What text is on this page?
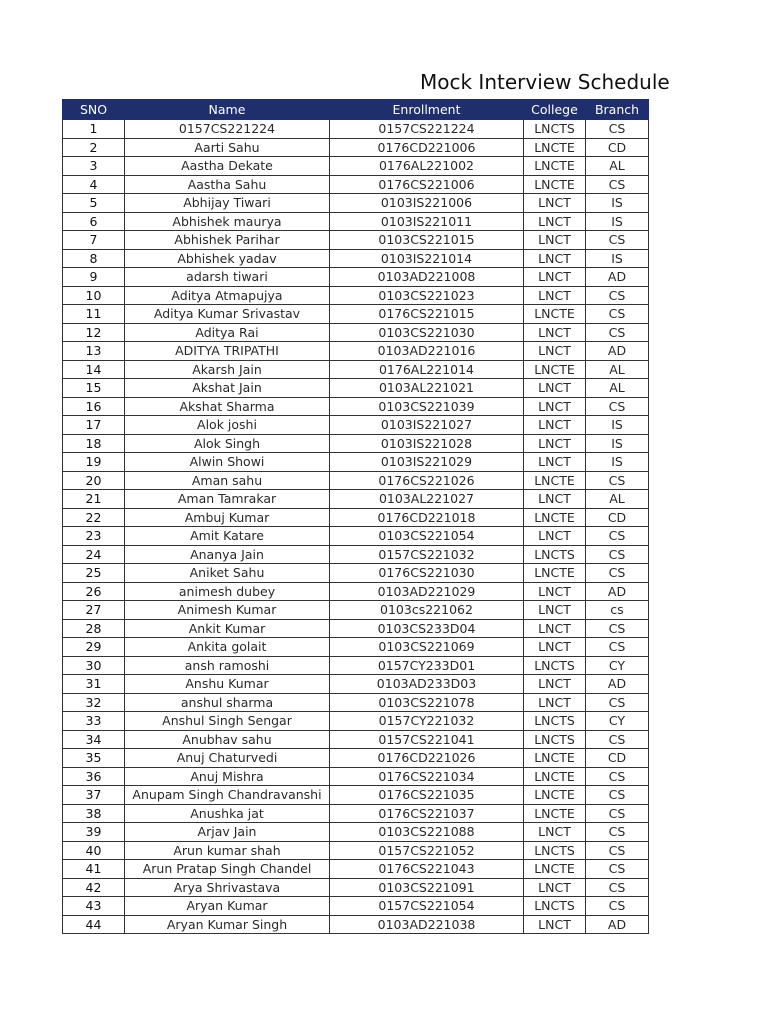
Mock Interview Schedule
SNO	Name	Enrollment	College	Branch
1	0157CS221224	0157CS221224	LNCTS	CS
2	Aarti Sahu	0176CD221006	LNCTE	CD
3	Aastha Dekate	0176AL221002	LNCTE	AL
4	Aastha Sahu	0176CS221006	LNCTE	CS
5	Abhijay Tiwari	0103IS221006	LNCT	IS
6	Abhishek maurya	0103IS221011	LNCT	IS
7	Abhishek Parihar	0103CS221015	LNCT	CS
8	Abhishek yadav	0103IS221014	LNCT	IS
9	adarsh tiwari	0103AD221008	LNCT	AD
10	Aditya Atmapujya	0103CS221023	LNCT	CS
11	Aditya Kumar Srivastav	0176CS221015	LNCTE	CS
12	Aditya Rai	0103CS221030	LNCT	CS
13	ADITYA TRIPATHI	0103AD221016	LNCT	AD
14	Akarsh Jain	0176AL221014	LNCTE	AL
15	Akshat Jain	0103AL221021	LNCT	AL
16	Akshat Sharma	0103CS221039	LNCT	CS
17	Alok joshi	0103IS221027	LNCT	IS
18	Alok Singh	0103IS221028	LNCT	IS
19	Alwin Showi	0103IS221029	LNCT	IS
20	Aman sahu	0176CS221026	LNCTE	CS
21	Aman Tamrakar	0103AL221027	LNCT	AL
22	Ambuj Kumar	0176CD221018	LNCTE	CD
23	Amit Katare	0103CS221054	LNCT	CS
24	Ananya Jain	0157CS221032	LNCTS	CS
25	Aniket Sahu	0176CS221030	LNCTE	CS
26	animesh dubey	0103AD221029	LNCT	AD
27	Animesh Kumar	0103cs221062	LNCT	cs
28	Ankit Kumar	0103CS233D04	LNCT	CS
29	Ankita golait	0103CS221069	LNCT	CS
30	ansh ramoshi	0157CY233D01	LNCTS	CY
31	Anshu Kumar	0103AD233D03	LNCT	AD
32	anshul sharma	0103CS221078	LNCT	CS
33	Anshul Singh Sengar	0157CY221032	LNCTS	CY
34	Anubhav sahu	0157CS221041	LNCTS	CS
35	Anuj Chaturvedi	0176CD221026	LNCTE	CD
36	Anuj Mishra	0176CS221034	LNCTE	CS
37	Anupam Singh Chandravanshi	0176CS221035	LNCTE	CS
38	Anushka jat	0176CS221037	LNCTE	CS
39	Arjav Jain	0103CS221088	LNCT	CS
40	Arun kumar shah	0157CS221052	LNCTS	CS
41	Arun Pratap Singh Chandel	0176CS221043	LNCTE	CS
42	Arya Shrivastava	0103CS221091	LNCT	CS
43	Aryan Kumar	0157CS221054	LNCTS	CS
44	Aryan Kumar Singh	0103AD221038	LNCT	AD
